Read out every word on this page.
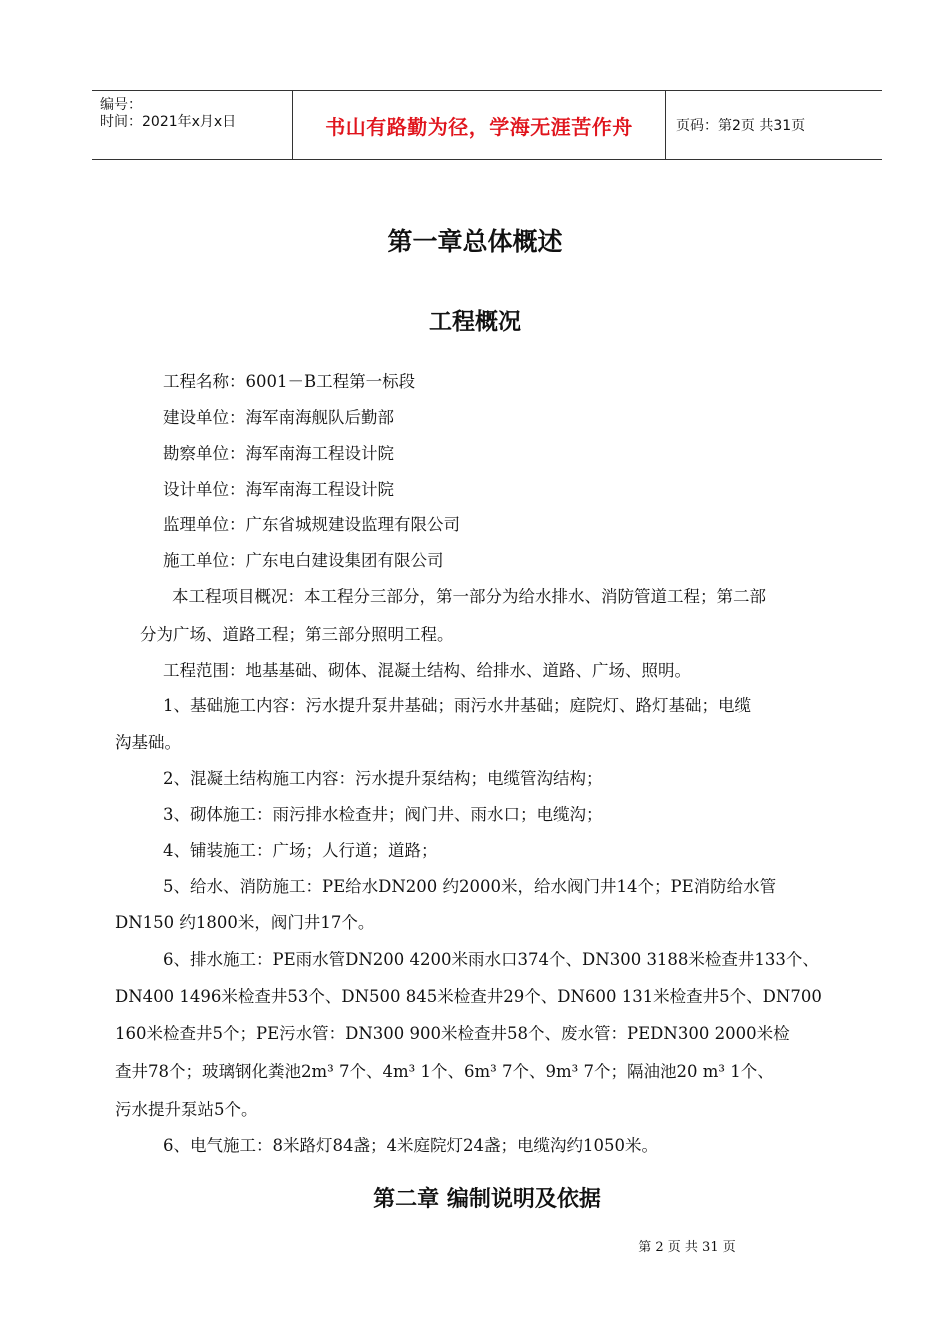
编号：
时间：2021年x月x日	书山有路勤为径，学海无涯苦作舟	页码：第2页 共31页
第一章总体概述
工程概况
工程名称：6001－B工程第一标段
建设单位：海军南海舰队后勤部
勘察单位：海军南海工程设计院
设计单位：海军南海工程设计院
监理单位：广东省城规建设监理有限公司
施工单位：广东电白建设集团有限公司
本工程项目概况：本工程分三部分，第一部分为给水排水、消防管道工程；第二部
分为广场、道路工程；第三部分照明工程。
工程范围：地基基础、砌体、混凝土结构、给排水、道路、广场、照明。
1、基础施工内容：污水提升泵井基础；雨污水井基础；庭院灯、路灯基础；电缆
沟基础。
2、混凝土结构施工内容：污水提升泵结构；电缆管沟结构；
3、砌体施工：雨污排水检查井；阀门井、雨水口；电缆沟；
4、铺装施工：广场；人行道；道路；
5、给水、消防施工：PE给水DN200 约2000米，给水阀门井14个；PE消防给水管
DN150 约1800米，阀门井17个。
6、排水施工：PE雨水管DN200 4200米雨水口374个、DN300 3188米检查井133个、
DN400 1496米检查井53个、DN500 845米检查井29个、DN600 131米检查井5个、DN700
160米检查井5个；PE污水管：DN300 900米检查井58个、废水管：PEDN300 2000米检
查井78个；玻璃钢化粪池2m³ 7个、4m³ 1个、6m³ 7个、9m³ 7个；隔油池20 m³ 1个、
污水提升泵站5个。
6、电气施工：8米路灯84盏；4米庭院灯24盏；电缆沟约1050米。
第二章 编制说明及依据
第 2 页 共 31 页
